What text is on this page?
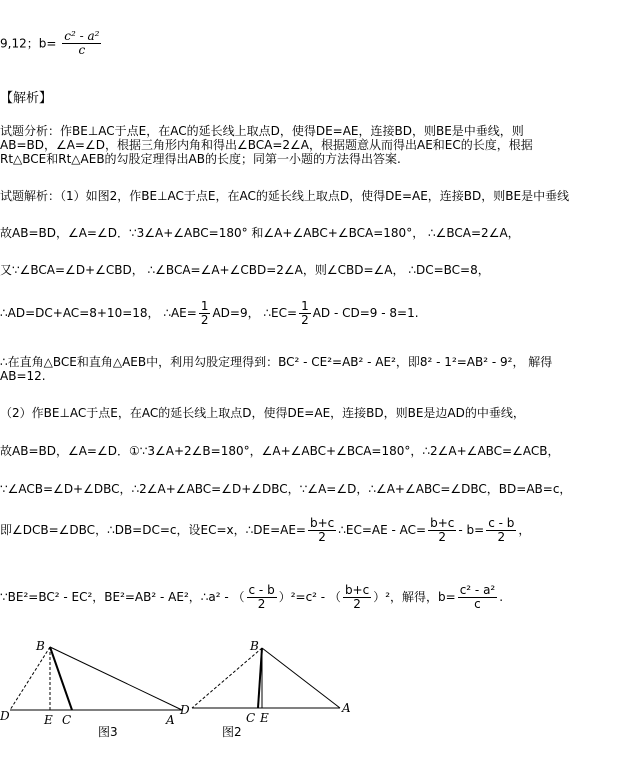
9,12；$b= \frac{\text{c² - a²}}{c}$
【解析】
试题分析：作BE⊥AC于点E，在AC的延长线上取点D，使得DE=AE，连接BD，则BE是中垂线，则
AB=BD，∠A=∠D，根据三角形内角和得出∠BCA=2∠A，根据题意从而得出AE和EC的长度，根据
Rt△BCE和Rt△AEB的勾股定理得出AB的长度；同第一小题的方法得出答案.
试题解析：（1）如图2，作BE⊥AC于点E，在AC的延长线上取点D，使得DE=AE，连接BD，则BE是中垂线
故AB=BD，∠A=∠D．∵3∠A+∠ABC=180° 和∠A+∠ABC+∠BCA=180°， ∴∠BCA=2∠A，
又∵∠BCA=∠D+∠CBD， ∴∠BCA=∠A+∠CBD=2∠A，则∠CBD=∠A， ∴DC=BC=8，
∴AD=DC+AC=8+10=18， ∴AE= $\frac{1}{2} AD=9$， ∴EC= $\frac{1}{2}$ AD - CD=9 - 8=1.
∴在直角△BCE和直角△AEB中，利用勾股定理得到：BC² - CE²=AB² - AE²，即8² - 1²=AB² - 9²， 解得
AB=12.
（2）作BE⊥AC于点E，在AC的延长线上取点D，使得DE=AE，连接BD，则BE是边AD的中垂线，
故AB=BD，∠A=∠D．①∵3∠A+2∠B=180°，∠A+∠ABC+∠BCA=180°，∴2∠A+∠ABC=∠ACB，
∵∠ACB=∠D+∠DBC，∴2∠A+∠ABC=∠D+∠DBC，∵∠A=∠D，∴∠A+∠ABC=∠DBC，BD=AB=c，
即∠DCB=∠DBC，∴DB=DC=c，设EC=x，∴DE=AE= $\frac{b+c}{2}$ ∴EC=AE - $AC= \frac{b+c}{2} - b= \frac{c - b}{2}$ ，
∵BE²=BC² - EC²，BE²=AB² - AE²，∴a² - （ $\frac{c - b}{2} )^2=c^2$ - （ $\frac{b+c}{2} )^2$，解得，$b= \frac{\text{c² - a²}}{c}$ .
B
D	E C	A
图3
B
D
C E
A
图2
